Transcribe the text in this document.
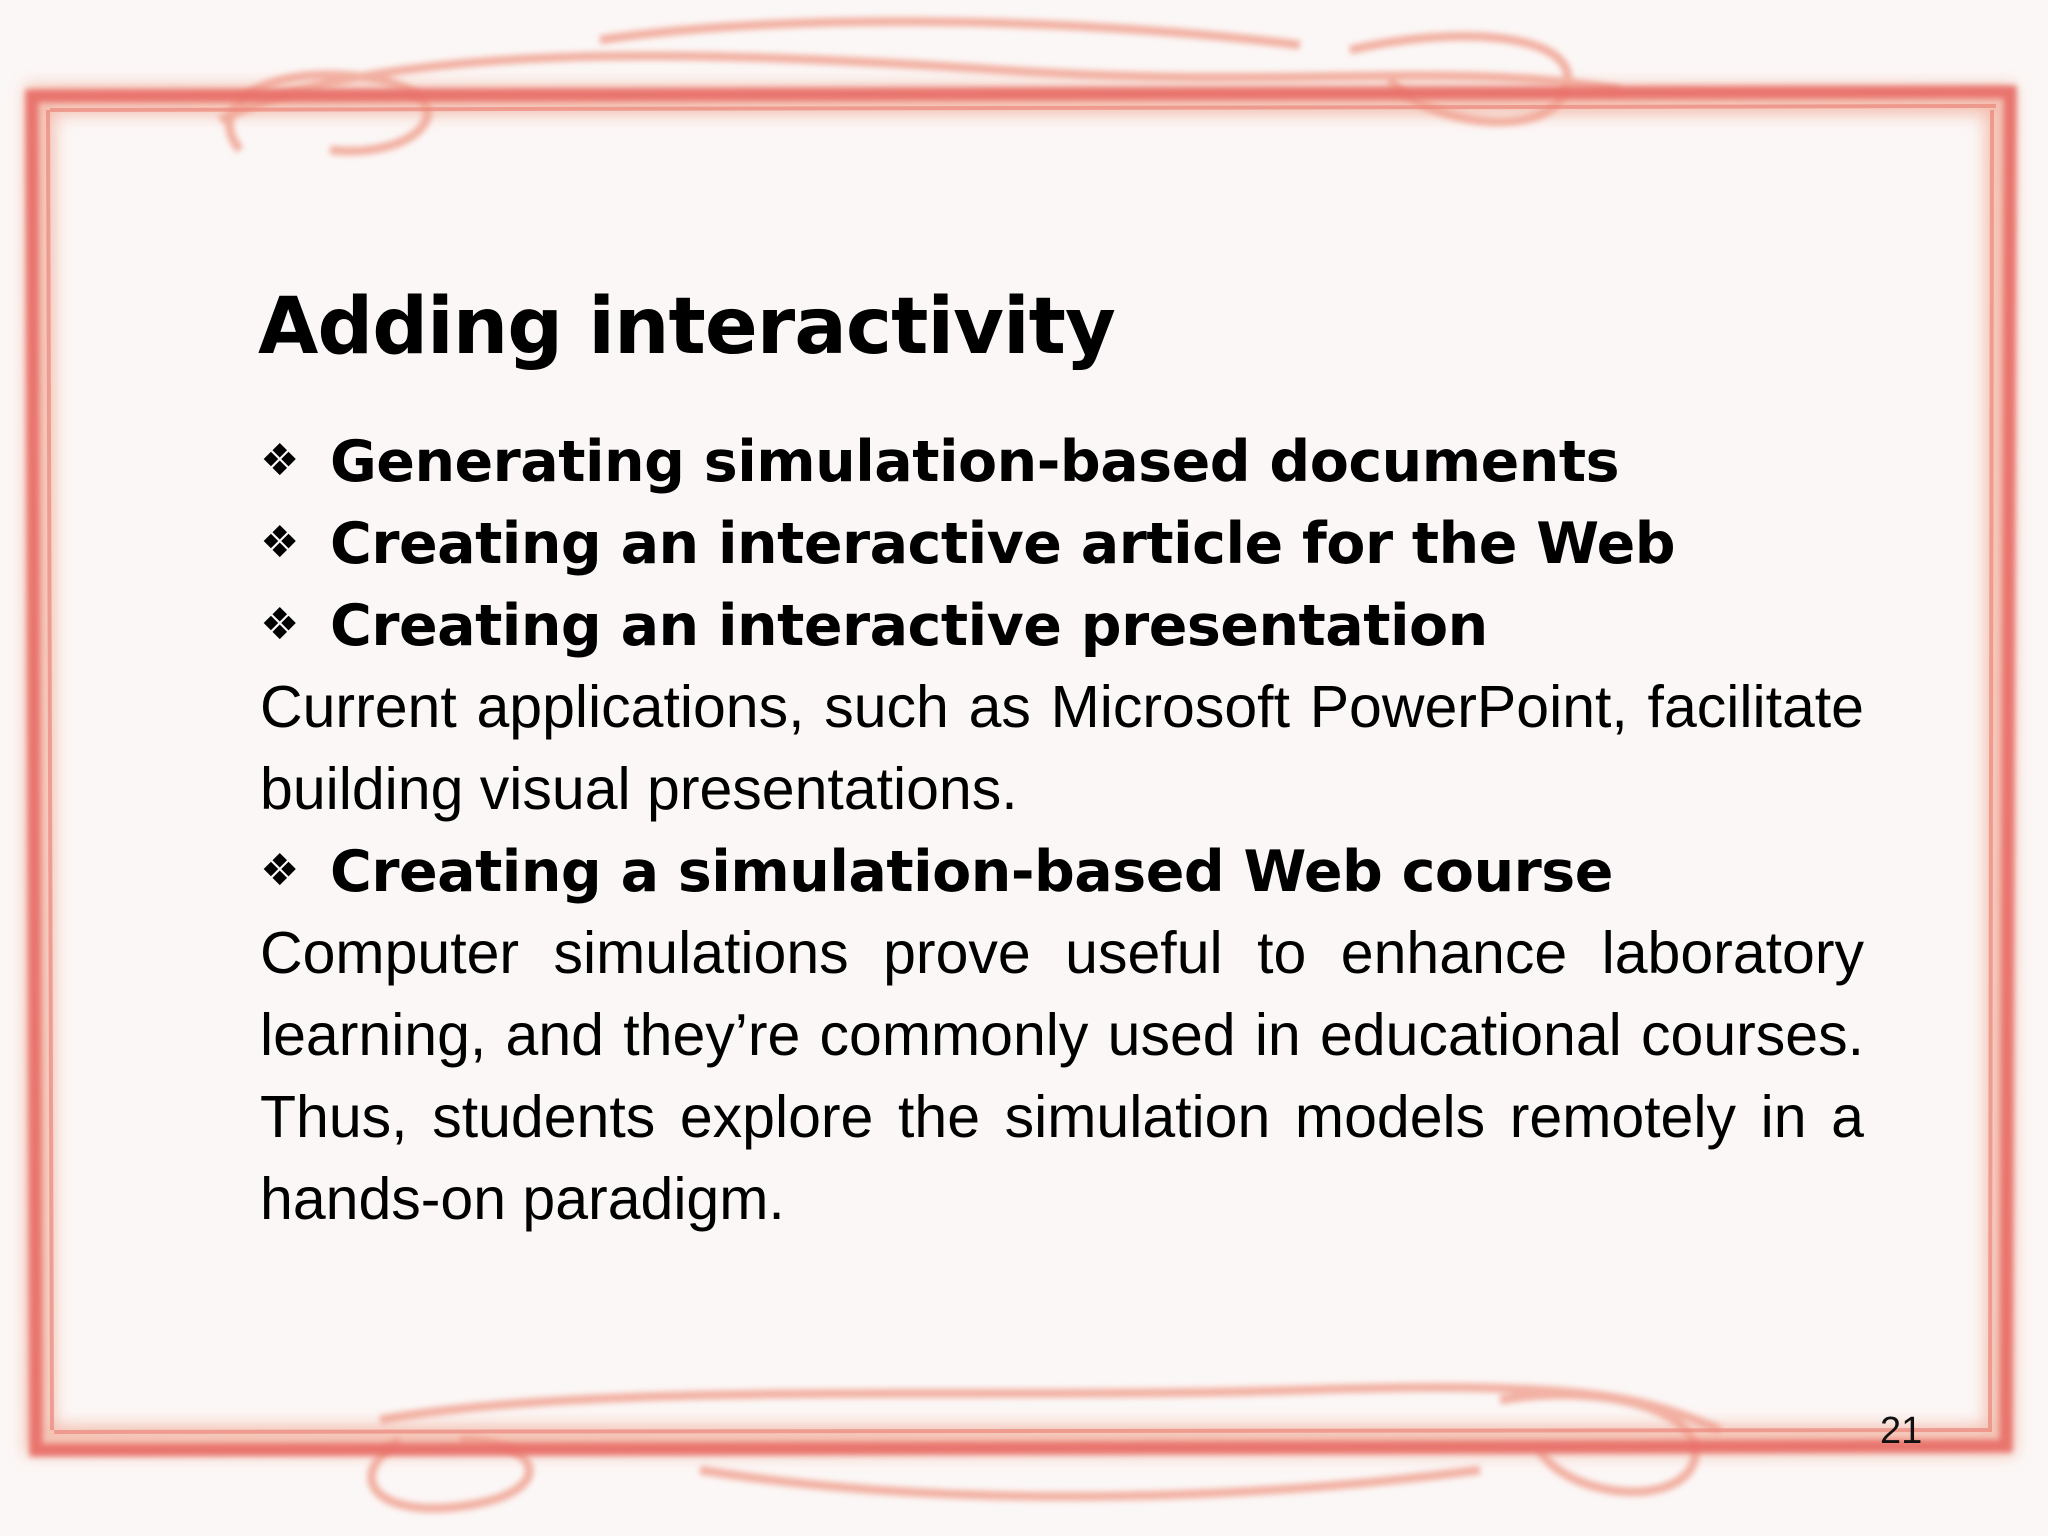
Adding interactivity
❖ Generating simulation-based documents
❖ Creating an interactive article for the Web
❖ Creating an interactive presentation

Current applications, such as Microsoft PowerPoint, facilitate building visual presentations.

❖ Creating a simulation-based Web course

Computer simulations prove useful to enhance laboratory learning, and they’re commonly used in educational courses. Thus, students explore the simulation models remotely in a hands-on paradigm.

21
